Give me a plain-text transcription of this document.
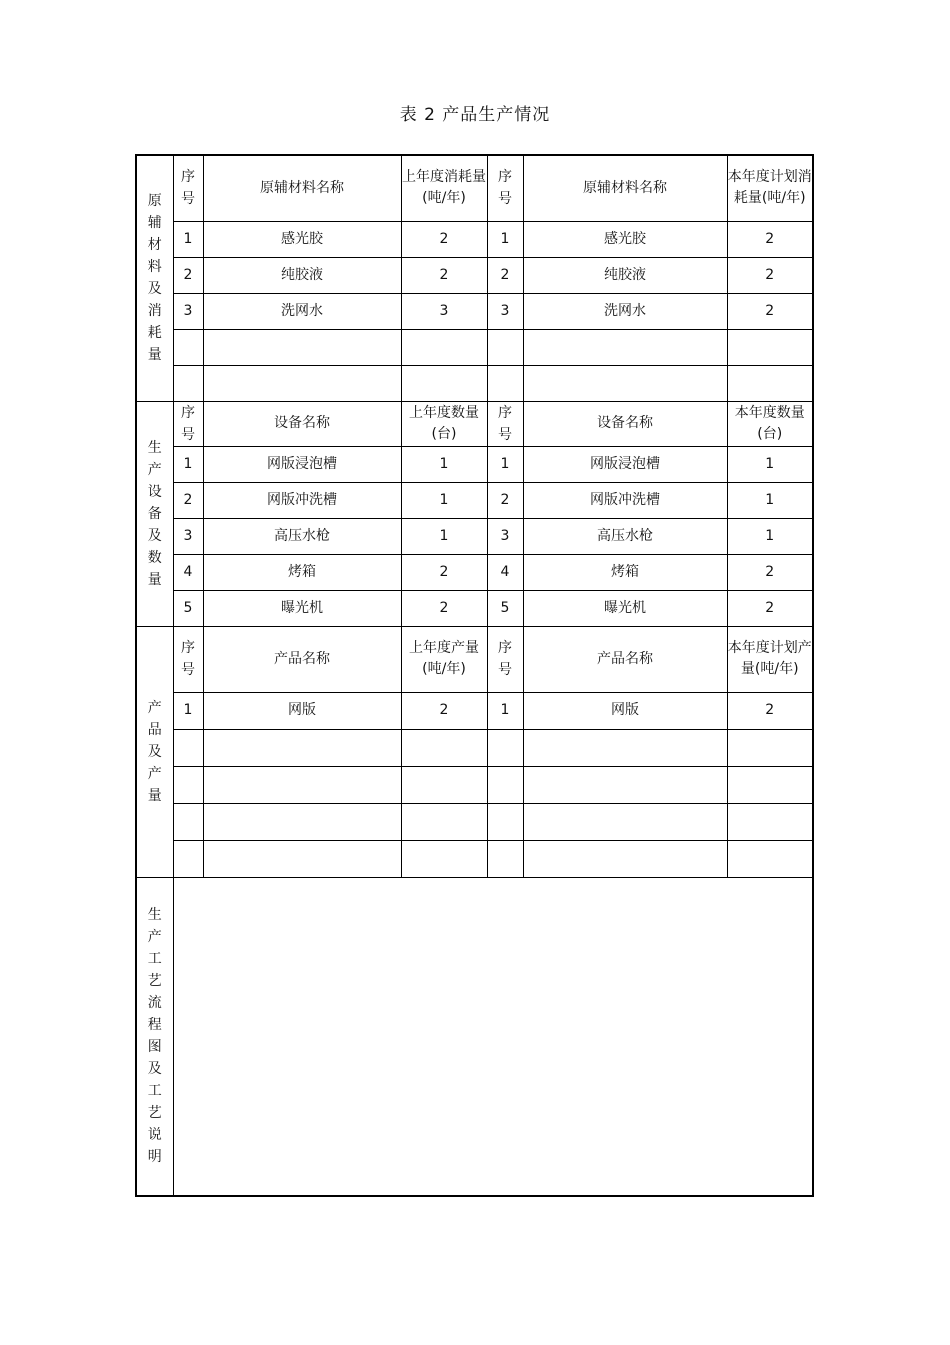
表 2 产品生产情况
原辅材料及消耗量	序号	原辅材料名称	上年度消耗量(吨/年)	序号	原辅材料名称	本年度计划消耗量(吨/年)
	1	感光胶	2	1	感光胶	2
	2	纯胶液	2	2	纯胶液	2
	3	洗网水	3	3	洗网水	2

生产设备及数量	序号	设备名称	上年度数量(台)	序号	设备名称	本年度数量(台)
	1	网版浸泡槽	1	1	网版浸泡槽	1
	2	网版冲洗槽	1	2	网版冲洗槽	1
	3	高压水枪	1	3	高压水枪	1
	4	烤箱	2	4	烤箱	2
	5	曝光机	2	5	曝光机	2
产品及产量	序号	产品名称	上年度产量(吨/年)	序号	产品名称	本年度计划产量(吨/年)
	1	网版	2	1	网版	2

生产工艺流程图及工艺说明						
